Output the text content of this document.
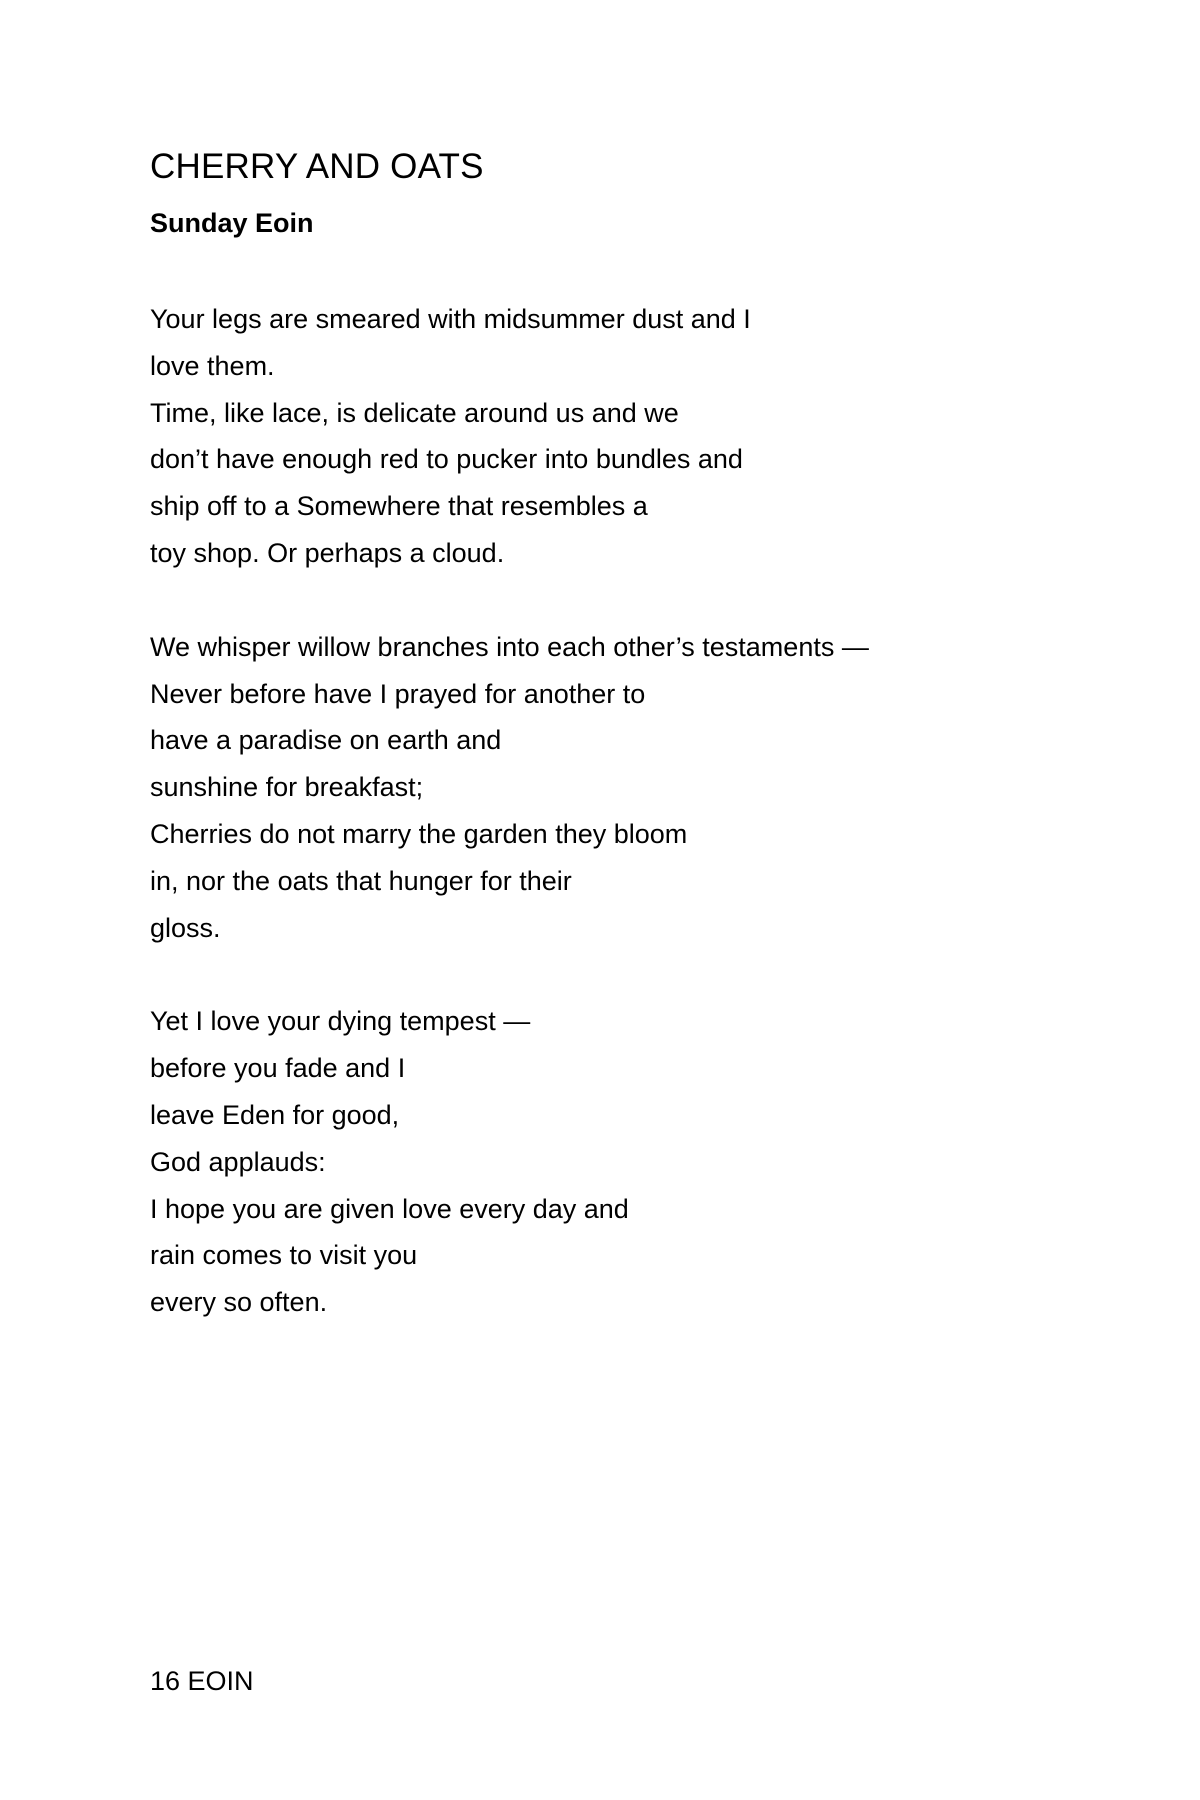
CHERRY AND OATS
Sunday Eoin
Your legs are smeared with midsummer dust and I
love them.
Time, like lace, is delicate around us and we
don’t have enough red to pucker into bundles and
ship off to a Somewhere that resembles a
toy shop. Or perhaps a cloud.
We whisper willow branches into each other’s testaments —
Never before have I prayed for another to
have a paradise on earth and
sunshine for breakfast;
Cherries do not marry the garden they bloom
in, nor the oats that hunger for their
gloss.
Yet I love your dying tempest —
before you fade and I
leave Eden for good,
God applauds:
I hope you are given love every day and
rain comes to visit you
every so often.
16 EOIN
